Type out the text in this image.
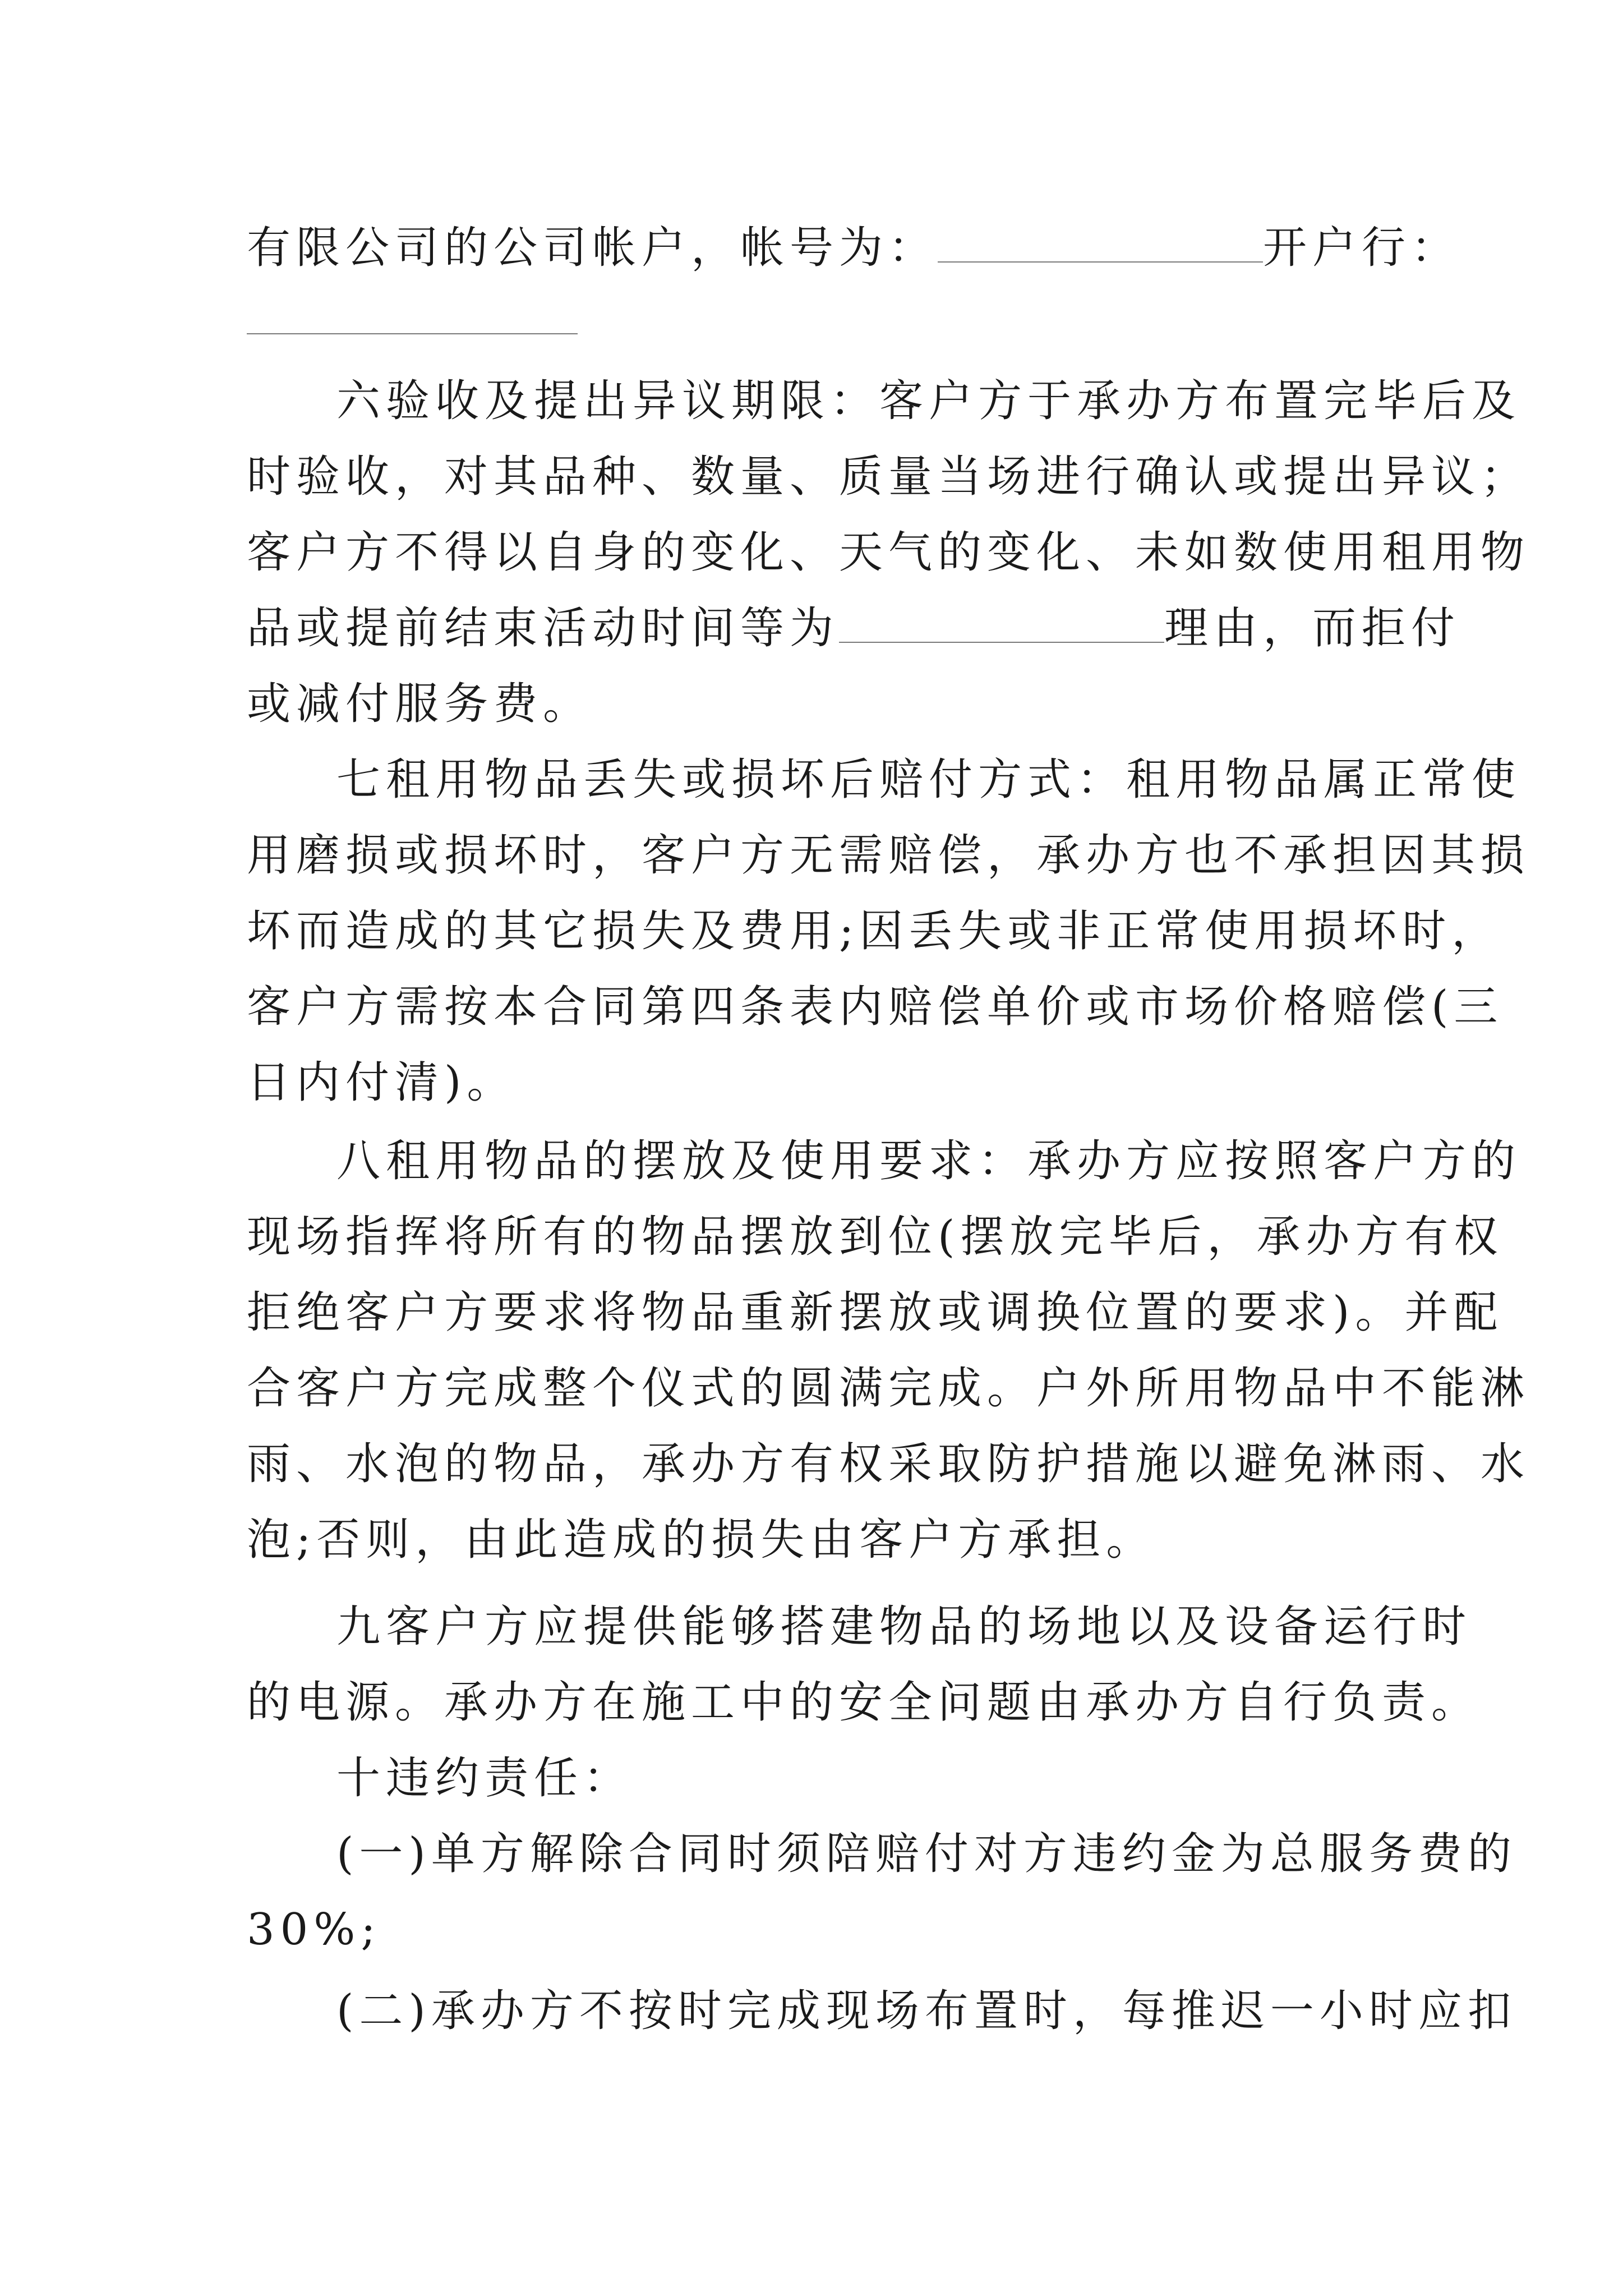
有限公司的公司帐户，帐号为：	开户行：
六验收及提出异议期限：客户方于承办方布置完毕后及
时验收，对其品种、数量、质量当场进行确认或提出异议；
客户方不得以自身的变化、天气的变化、未如数使用租用物
品或提前结束活动时间等为	理由，而拒付
或减付服务费。
七租用物品丢失或损坏后赔付方式：租用物品属正常使
用磨损或损坏时，客户方无需赔偿，承办方也不承担因其损
坏而造成的其它损失及费用;因丢失或非正常使用损坏时，
客户方需按本合同第四条表内赔偿单价或市场价格赔偿(三
日内付清)。
八租用物品的摆放及使用要求：承办方应按照客户方的
现场指挥将所有的物品摆放到位(摆放完毕后，承办方有权
拒绝客户方要求将物品重新摆放或调换位置的要求)。并配
合客户方完成整个仪式的圆满完成。户外所用物品中不能淋
雨、水泡的物品，承办方有权采取防护措施以避免淋雨、水
泡;否则，由此造成的损失由客户方承担。
九客户方应提供能够搭建物品的场地以及设备运行时
的电源。承办方在施工中的安全问题由承办方自行负责。
十违约责任：
(一)单方解除合同时须陪赔付对方违约金为总服务费的
30%;
(二)承办方不按时完成现场布置时，每推迟一小时应扣
